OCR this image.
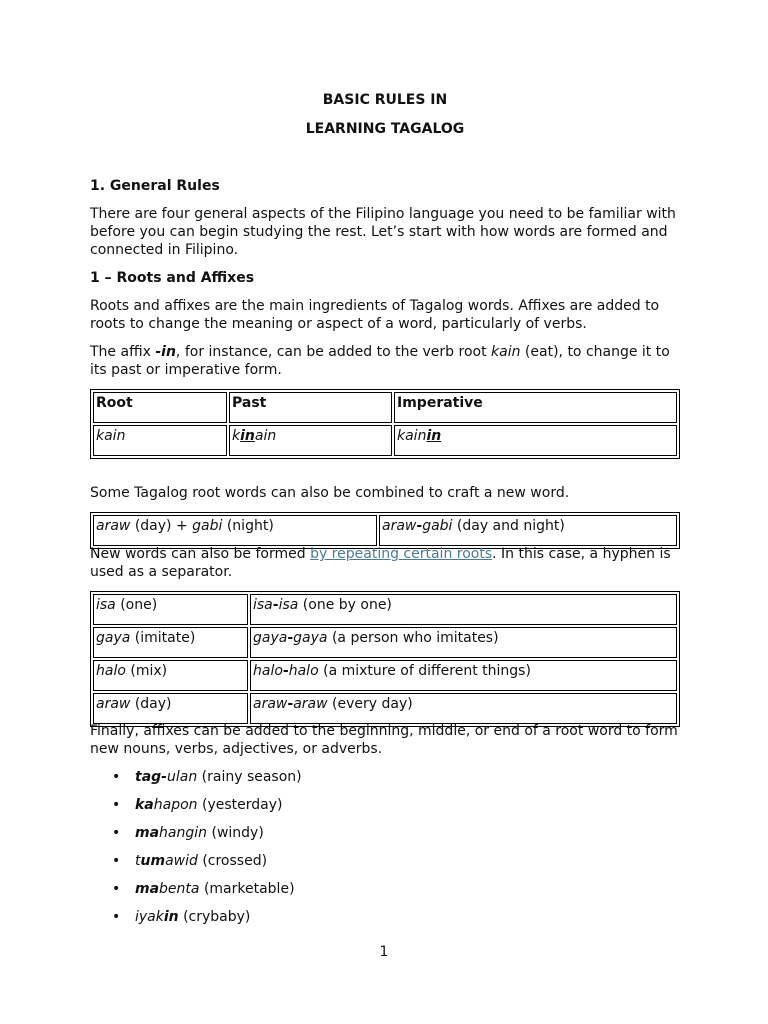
BASIC RULES IN
LEARNING TAGALOG
1. General Rules
There are four general aspects of the Filipino language you need to be familiar with before you can begin studying the rest. Let’s start with how words are formed and connected in Filipino.
1 – Roots and Affixes
Roots and affixes are the main ingredients of Tagalog words. Affixes are added to roots to change the meaning or aspect of a word, particularly of verbs.
The affix -in, for instance, can be added to the verb root kain (eat), to change it to its past or imperative form.
Root	Past	Imperative
kain	kinain	kainin
Some Tagalog root words can also be combined to craft a new word.
araw (day) + gabi (night)	araw-gabi (day and night)
New words can also be formed by repeating certain roots. In this case, a hyphen is used as a separator.
isa (one)	isa-isa (one by one)
gaya (imitate)	gaya-gaya (a person who imitates)
halo (mix)	halo-halo (a mixture of different things)
araw (day)	araw-araw (every day)
Finally, affixes can be added to the beginning, middle, or end of a root word to form new nouns, verbs, adjectives, or adverbs.
• tag-ulan (rainy season)
• kahapon (yesterday)
• mahangin (windy)
• tumawid (crossed)
• mabenta (marketable)
• iyakin (crybaby)
1
